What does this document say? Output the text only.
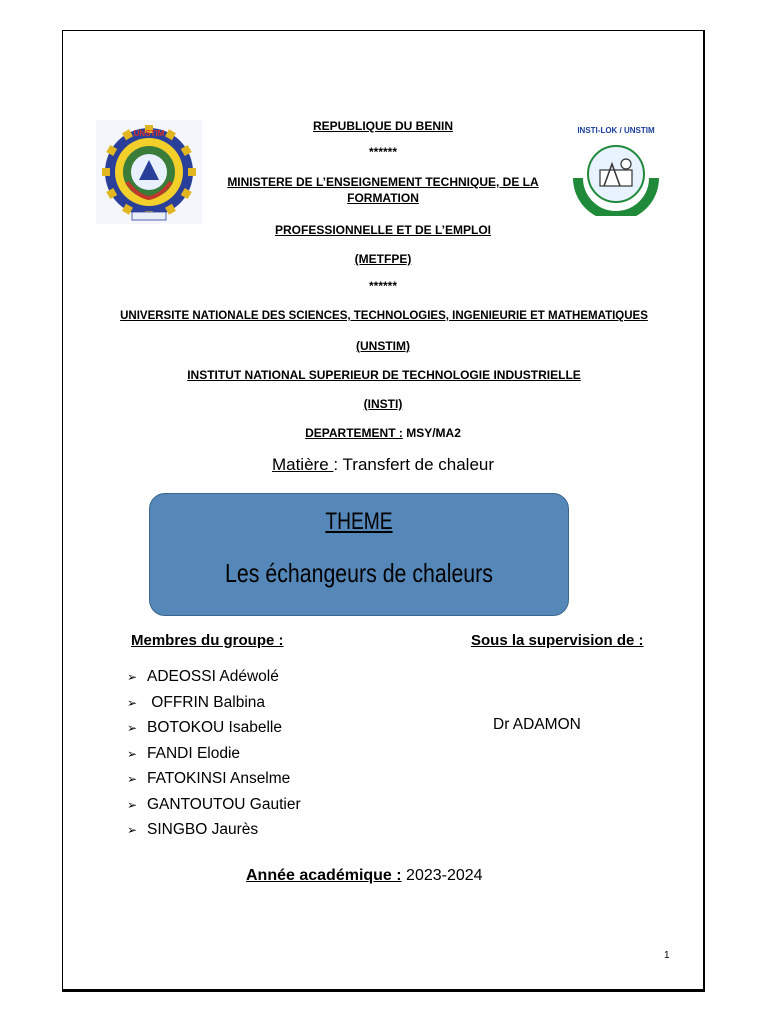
UNSTIM	INSTI-LOK / UNSTIM
REPUBLIQUE DU BENIN
******
MINISTERE DE L’ENSEIGNEMENT TECHNIQUE, DE LA FORMATION
PROFESSIONNELLE ET DE L’EMPLOI
(METFPE)
******
UNIVERSITE NATIONALE DES SCIENCES, TECHNOLOGIES, INGENIEURIE ET MATHEMATIQUES
(UNSTIM)
INSTITUT NATIONAL SUPERIEUR DE TECHNOLOGIE INDUSTRIELLE
(INSTI)
DEPARTEMENT : MSY/MA2
Matière : Transfert de chaleur
THEME
Les échangeurs de chaleurs
Membres du groupe :	Sous la supervision de :
➢ ADEOSSI Adéwolé
➢ OFFRIN Balbina
➢ BOTOKOU Isabelle
➢ FANDI Elodie
➢ FATOKINSI Anselme
➢ GANTOUTOU Gautier
➢ SINGBO Jaurès
Dr ADAMON
Année académique : 2023-2024
1
